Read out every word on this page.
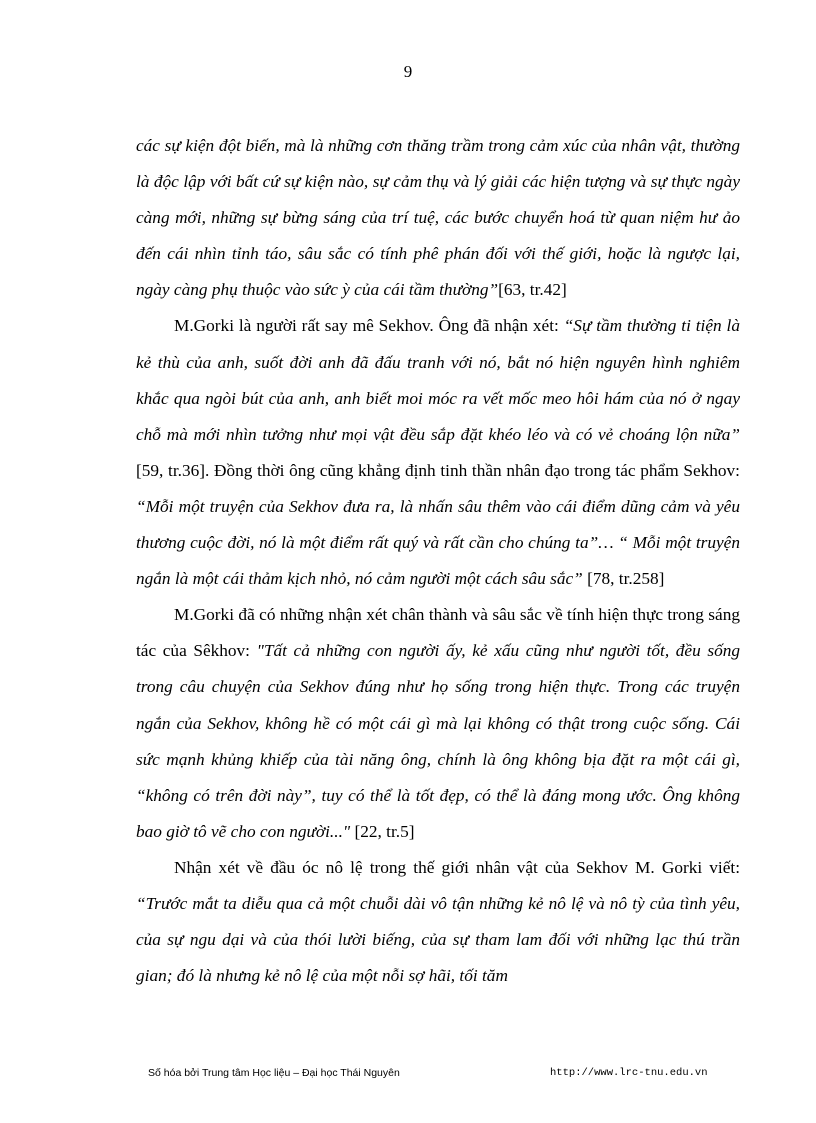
9

các sự kiện đột biến, mà là những cơn thăng trầm trong cảm xúc của nhân vật, thường là độc lập với bất cứ sự kiện nào, sự cảm thụ và lý giải các hiện tượng và sự thực ngày càng mới, những sự bừng sáng của trí tuệ, các bước chuyển hoá từ quan niệm hư ảo đến cái nhìn tỉnh táo, sâu sắc có tính phê phán đối với thế giới, hoặc là ngược lại, ngày càng phụ thuộc vào sức ỳ của cái tầm thường”[63, tr.42]

M.Gorki là người rất say mê Sekhov. Ông đã nhận xét: “Sự tầm thường ti tiện là kẻ thù của anh, suốt đời anh đã đấu tranh với nó, bắt nó hiện nguyên hình nghiêm khắc qua ngòi bút của anh, anh biết moi móc ra vết mốc meo hôi hám của nó ở ngay chỗ mà mới nhìn tưởng như mọi vật đều sắp đặt khéo léo và có vẻ choáng lộn nữa” [59, tr.36]. Đồng thời ông cũng khẳng định tinh thần nhân đạo trong tác phẩm Sekhov: “Mỗi một truyện của Sekhov đưa ra, là nhấn sâu thêm vào cái điểm dũng cảm và yêu thương cuộc đời, nó là một điểm rất quý và rất cần cho chúng ta”… “ Mỗi một truyện ngắn là một cái thảm kịch nhỏ, nó cảm người một cách sâu sắc” [78, tr.258]

M.Gorki đã có những nhận xét chân thành và sâu sắc về tính hiện thực trong sáng tác của Sêkhov: "Tất cả những con người ấy, kẻ xấu cũng như người tốt, đều sống trong câu chuyện của Sekhov đúng như họ sống trong hiện thực. Trong các truyện ngắn của Sekhov, không hề có một cái gì mà lại không có thật trong cuộc sống. Cái sức mạnh khủng khiếp của tài năng ông, chính là ông không bịa đặt ra một cái gì, “không có trên đời này”, tuy có thể là tốt đẹp, có thể là đáng mong ước. Ông không bao giờ tô vẽ cho con người..." [22, tr.5]

Nhận xét về đầu óc nô lệ trong thế giới nhân vật của Sekhov M. Gorki viết: “Trước mắt ta diễu qua cả một chuỗi dài vô tận những kẻ nô lệ và nô tỳ của tình yêu, của sự ngu dại và của thói lười biếng, của sự tham lam đối với những lạc thú trần gian; đó là nhưng kẻ nô lệ của một nỗi sợ hãi, tối tăm

Số hóa bởi Trung tâm Học liệu – Đại học Thái Nguyên	http://www.lrc-tnu.edu.vn
